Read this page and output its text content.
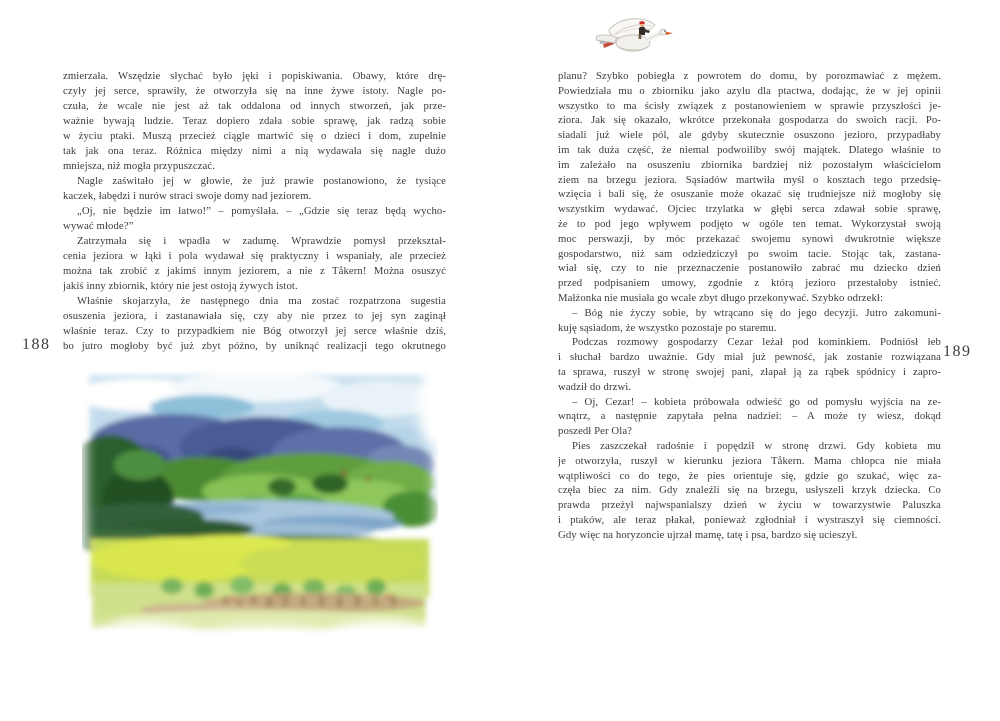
zmierzała. Wszędzie słychać było jęki i popiskiwania. Obawy, które drę-
czyły jej serce, sprawiły, że otworzyła się na inne żywe istoty. Nagle po-
czuła, że wcale nie jest aż tak oddalona od innych stworzeń, jak prze-
ważnie bywają ludzie. Teraz dopiero zdała sobie sprawę, jak radzą sobie
w życiu ptaki. Muszą przecież ciągle martwić się o dzieci i dom, zupełnie
tak jak ona teraz. Różnica między nimi a nią wydawała się nagle dużo
mniejsza, niż mogła przypuszczać.
Nagle zaświtało jej w głowie, że już prawie postanowiono, że tysiące
kaczek, łabędzi i nurów straci swoje domy nad jeziorem.
„Oj, nie będzie im łatwo!” – pomyślała. – „Gdzie się teraz będą wycho-
wywać młode?”
Zatrzymała się i wpadła w zadumę. Wprawdzie pomysł przekształ-
cenia jeziora w łąki i pola wydawał się praktyczny i wspaniały, ale przecież
można tak zrobić z jakimś innym jeziorem, a nie z Tåkern! Można osuszyć
jakiś inny zbiornik, który nie jest ostoją żywych istot.
Właśnie skojarzyła, że następnego dnia ma zostać rozpatrzona sugestia
osuszenia jeziora, i zastanawiała się, czy aby nie przez to jej syn zaginął
właśnie teraz. Czy to przypadkiem nie Bóg otworzył jej serce właśnie dziś,
bo jutro mogłoby być już zbyt późno, by uniknąć realizacji tego okrutnego
188
planu? Szybko pobiegła z powrotem do domu, by porozmawiać z mężem.
Powiedziała mu o zbiorniku jako azylu dla ptactwa, dodając, że w jej opinii
wszystko to ma ścisły związek z postanowieniem w sprawie przyszłości je-
ziora. Jak się okazało, wkrótce przekonała gospodarza do swoich racji. Po-
siadali już wiele pól, ale gdyby skutecznie osuszono jezioro, przypadłaby
im tak duża część, że niemal podwoiliby swój majątek. Dlatego właśnie to
im zależało na osuszeniu zbiornika bardziej niż pozostałym właścicielom
ziem na brzegu jeziora. Sąsiadów martwiła myśl o kosztach tego przedsię-
wzięcia i bali się, że osuszanie może okazać się trudniejsze niż mogłoby się
wszystkim wydawać. Ojciec trzylatka w głębi serca zdawał sobie sprawę,
że to pod jego wpływem podjęto w ogóle ten temat. Wykorzystał swoją
moc perswazji, by móc przekazać swojemu synowi dwukrotnie większe
gospodarstwo, niż sam odziedziczył po swoim tacie. Stojąc tak, zastana-
wiał się, czy to nie przeznaczenie postanowiło zabrać mu dziecko dzień
przed podpisaniem umowy, zgodnie z którą jezioro przestałoby istnieć.
Małżonka nie musiała go wcale zbyt długo przekonywać. Szybko odrzekł:
– Bóg nie życzy sobie, by wtrącano się do jego decyzji. Jutro zakomuni-
kuję sąsiadom, że wszystko pozostaje po staremu.
Podczas rozmowy gospodarzy Cezar leżał pod kominkiem. Podniósł łeb
i słuchał bardzo uważnie. Gdy miał już pewność, jak zostanie rozwiązana
ta sprawa, ruszył w stronę swojej pani, złapał ją za rąbek spódnicy i zapro-
wadził do drzwi.
– Oj, Cezar! – kobieta próbowała odwieść go od pomysłu wyjścia na ze-
wnątrz, a następnie zapytała pełna nadziei: – A może ty wiesz, dokąd
poszedł Per Ola?
Pies zaszczekał radośnie i popędził w stronę drzwi. Gdy kobieta mu
je otworzyła, ruszył w kierunku jeziora Tåkern. Mama chłopca nie miała
wątpliwości co do tego, że pies orientuje się, gdzie go szukać, więc za-
częła biec za nim. Gdy znaleźli się na brzegu, usłyszeli krzyk dziecka. Co
prawda przeżył najwspanialszy dzień w życiu w towarzystwie Paluszka
i ptaków, ale teraz płakał, ponieważ zgłodniał i wystraszył się ciemności.
Gdy więc na horyzoncie ujrzał mamę, tatę i psa, bardzo się ucieszył.
189
